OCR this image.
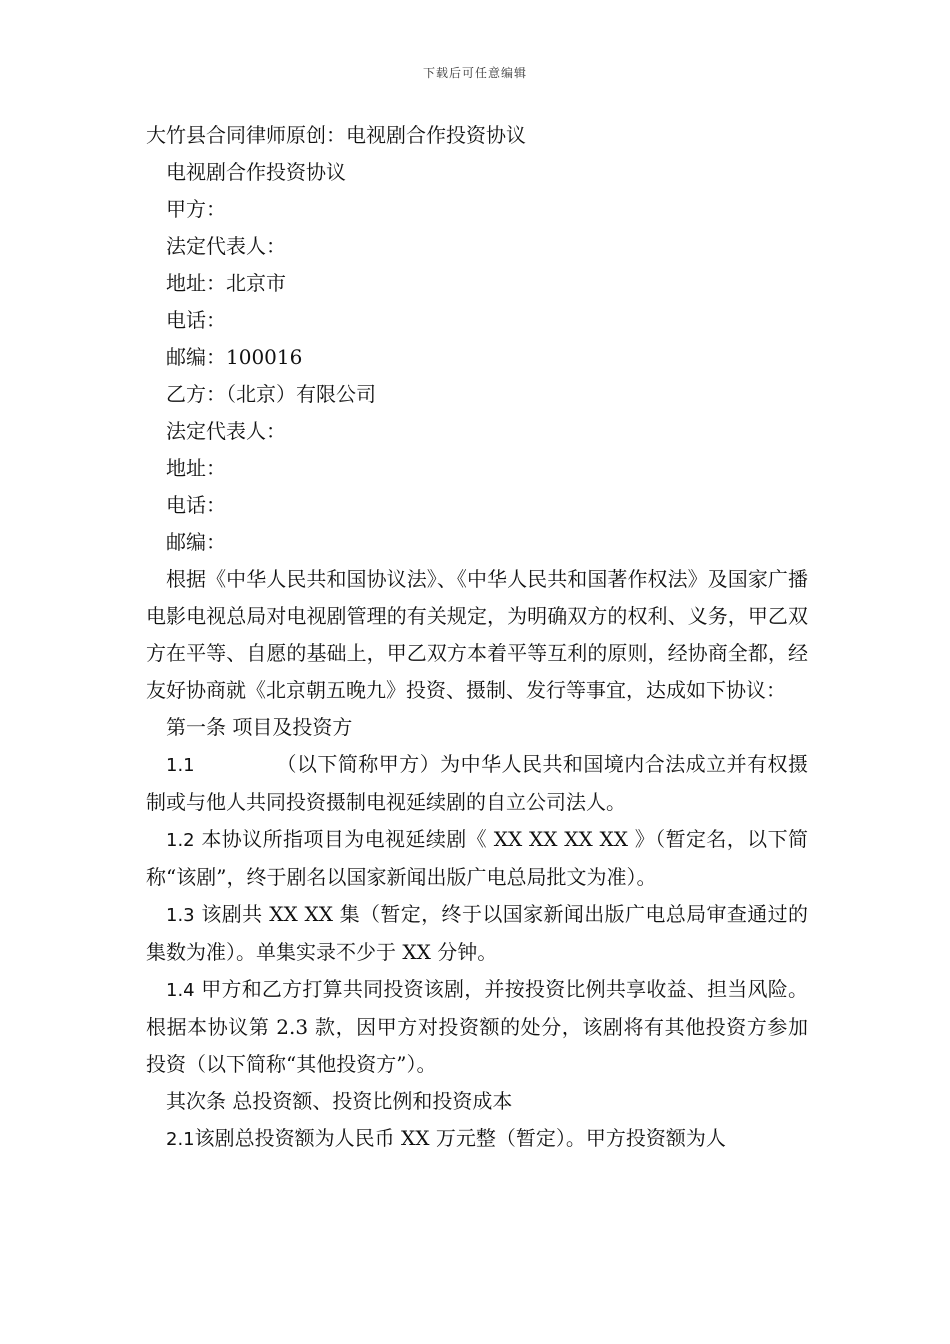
下载后可任意编辑

大竹县合同律师原创：电视剧合作投资协议

电视剧合作投资协议

甲方：

法定代表人：

地址：北京市

电话：

邮编：100016

乙方：（北京）有限公司

法定代表人：

地址：

电话：

邮编：

根据《中华人民共和国协议法》、《中华人民共和国著作权法》及国家广播电影电视总局对电视剧管理的有关规定，为明确双方的权利、义务，甲乙双方在平等、自愿的基础上，甲乙双方本着平等互利的原则，经协商全都，经友好协商就《北京朝五晚九》投资、摄制、发行等事宜，达成如下协议：

第一条 项目及投资方

1.1            （以下简称甲方）为中华人民共和国境内合法成立并有权摄制或与他人共同投资摄制电视延续剧的自立公司法人。

1.2 本协议所指项目为电视延续剧《 XX XX XX XX 》（暂定名，以下简称“该剧”，终于剧名以国家新闻出版广电总局批文为准）。

1.3 该剧共 XX XX 集（暂定，终于以国家新闻出版广电总局审查通过的集数为准）。单集实录不少于 XX 分钟。

1.4 甲方和乙方打算共同投资该剧，并按投资比例共享收益、担当风险。根据本协议第 2.3 款，因甲方对投资额的处分，该剧将有其他投资方参加投资（以下简称“其他投资方”）。

其次条 总投资额、投资比例和投资成本

2.1该剧总投资额为人民币 XX 万元整（暂定）。甲方投资额为人
